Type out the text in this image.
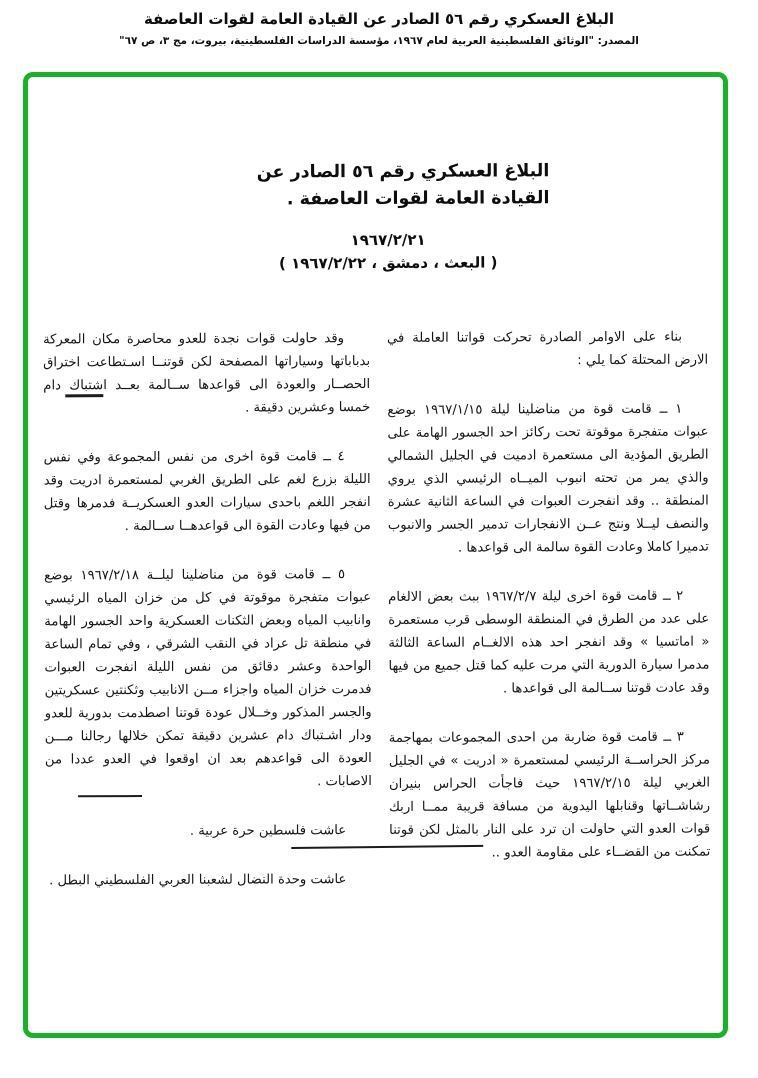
البلاغ العسكري رقم ٥٦ الصادر عن القيادة العامة لقوات العاصفة
المصدر: "الوثائق الفلسطينية العربية لعام ١٩٦٧، مؤسسة الدراسات الفلسطينية، بيروت، مج ٣، ص ٦٧"
البلاغ العسكري رقم ٥٦ الصادر عن
القيادة العامة لقوات العاصفة .
١٩٦٧/٢/٢١
( البعث ، دمشق ، ١٩٦٧/٢/٢٢ )

بناء على الاوامر الصادرة تحركت قواتنا العاملة في الارض المحتلة كما يلي :

١ ــ قامت قوة من مناضلينا ليلة ١٩٦٧/١/١٥ بوضع عبوات متفجرة موقوتة تحت ركائز احد الجسور الهامة على الطريق المؤدية الى مستعمرة ادميت في الجليل الشمالي والذي يمر من تحته انبوب الميــاه الرئيسي الذي يروي المنطقة .. وقد انفجرت العبوات في الساعة الثانية عشرة والنصف ليــلا ونتج عــن الانفجارات تدمير الجسر والانبوب تدميرا كاملا وعادت القوة سالمة الى قواعدها .

٢ ــ قامت قوة اخرى ليلة ١٩٦٧/٢/٧ ببث بعض الالغام على عدد من الطرق في المنطقة الوسطى قرب مستعمرة « اماتسيا » وقد انفجر احد هذه الالغــام الساعة الثالثة مدمرا سيارة الدورية التي مرت عليه كما قتل جميع من فيها وقد عادت قوتنا ســالمة الى قواعدها .

٣ ــ قامت قوة ضاربة من احدى المجموعات بمهاجمة مركز الحراســة الرئيسي لمستعمرة « ادريت » في الجليل الغربي ليلة ١٩٦٧/٢/١٥ حيث فاجأت الحراس بنيران رشاشــاتها وقنابلها اليدوية من مسافة قريبة ممــا اربك قوات العدو التي حاولت ان ترد على النار بالمثل لكن قوتنا تمكنت من القضــاء على مقاومة العدو ..

وقد حاولت قوات نجدة للعدو محاصرة مكان المعركة بدباباتها وسياراتها المصفحة لكن قوتنــا اسـتطاعت اختراق الحصــار والعودة الى قواعدها ســالمة بعــد اشتباك دام خمسا وعشرين دقيقة .

٤ ــ قامت قوة اخرى من نفس المجموعة وفي نفس الليلة بزرع لغم على الطريق الغربي لمستعمرة ادريت وقد انفجر اللغم باحدى سيارات العدو العسكريــة فدمرها وقتل من فيها وعادت القوة الى قواعدهــا ســالمة .

٥ ــ قامت قوة من مناضلينا ليلــة ١٩٦٧/٢/١٨ بوضع عبوات متفجرة موقوتة في كل من خزان المياه الرئيسي وانابيب المياه وبعض الثكنات العسكرية واحد الجسور الهامة في منطقة تل عراد في النقب الشرقي ، وفي تمام الساعة الواحدة وعشر دقائق من نفس الليلة انفجرت العبوات فدمرت خزان المياه واجزاء مــن الانابيب وثكنتين عسكريتين والجسر المذكور وخــلال عودة قوتنا اصطدمت بدورية للعدو ودار اشـتباك دام عشرين دقيقة تمكن خلالها رجالنا مـــن العودة الى قواعدهم بعد ان اوقعوا في العدو عددا من الاصابات .

عاشت فلسطين حرة عربية .

عاشت وحدة النضال لشعبنا العربي الفلسطيني البطل .
